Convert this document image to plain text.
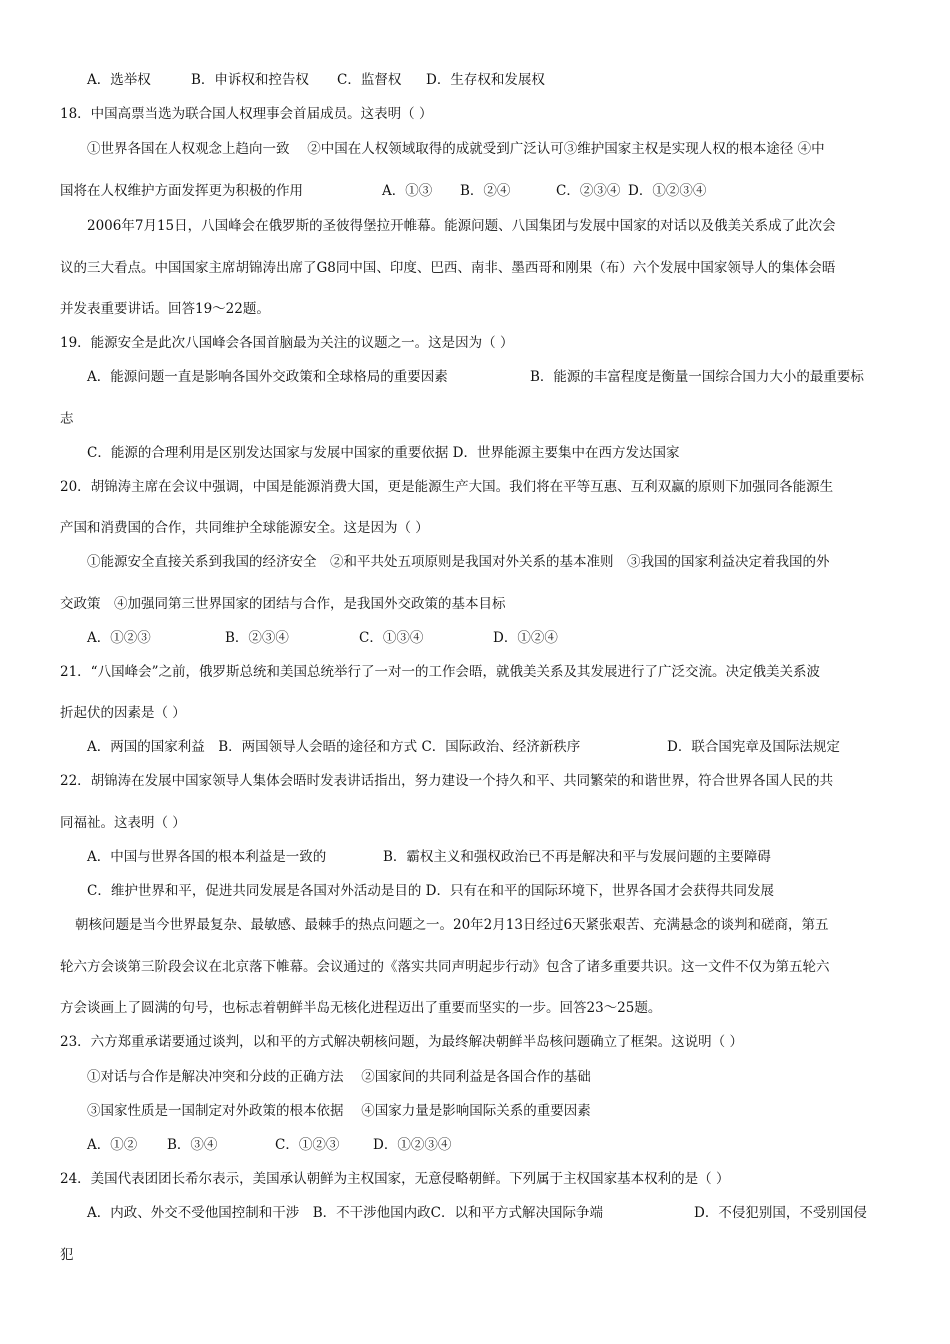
A．选举权	B．申诉权和控告权 C．监督权 D．生存权和发展权
18．中国高票当选为联合国人权理事会首届成员。这表明（ ）
①世界各国在人权观念上趋向一致　 ②中国在人权领域取得的成就受到广泛认可③维护国家主权是实现人权的根本途径 ④中
国将在人权维护方面发挥更为积极的作用	A．①③ B．②④	C．②③④ D．①②③④
2006年7月15日，八国峰会在俄罗斯的圣彼得堡拉开帷幕。能源问题、八国集团与发展中国家的对话以及俄美关系成了此次会
议的三大看点。中国国家主席胡锦涛出席了G8同中国、印度、巴西、南非、墨西哥和刚果（布）六个发展中国家领导人的集体会晤
并发表重要讲话。回答19～22题。
19．能源安全是此次八国峰会各国首脑最为关注的议题之一。这是因为（ ）
A．能源问题一直是影响各国外交政策和全球格局的重要因素	B．能源的丰富程度是衡量一国综合国力大小的最重要标
志
C．能源的合理利用是区别发达国家与发展中国家的重要依据 D．世界能源主要集中在西方发达国家
20．胡锦涛主席在会议中强调，中国是能源消费大国，更是能源生产大国。我们将在平等互惠、互利双赢的原则下加强同各能源生
产国和消费国的合作，共同维护全球能源安全。这是因为（ ）
①能源安全直接关系到我国的经济安全　②和平共处五项原则是我国对外关系的基本准则　③我国的国家利益决定着我国的外
交政策　④加强同第三世界国家的团结与合作，是我国外交政策的基本目标
A．①②③	B．②③④	C．①③④	D．①②④
21．“八国峰会”之前，俄罗斯总统和美国总统举行了一对一的工作会晤，就俄美关系及其发展进行了广泛交流。决定俄美关系波
折起伏的因素是（ ）
A．两国的国家利益　B．两国领导人会晤的途径和方式 C．国际政治、经济新秩序	D．联合国宪章及国际法规定
22．胡锦涛在发展中国家领导人集体会晤时发表讲话指出，努力建设一个持久和平、共同繁荣的和谐世界，符合世界各国人民的共
同福祉。这表明（ ）
A．中国与世界各国的根本利益是一致的	B．霸权主义和强权政治已不再是解决和平与发展问题的主要障碍
C．维护世界和平，促进共同发展是各国对外活动是目的 D．只有在和平的国际环境下，世界各国才会获得共同发展
朝核问题是当今世界最复杂、最敏感、最棘手的热点问题之一。20年2月13日经过6天紧张艰苦、充满悬念的谈判和磋商，第五
轮六方会谈第三阶段会议在北京落下帷幕。会议通过的《落实共同声明起步行动》包含了诸多重要共识。这一文件不仅为第五轮六
方会谈画上了圆满的句号，也标志着朝鲜半岛无核化进程迈出了重要而坚实的一步。回答23～25题。
23．六方郑重承诺要通过谈判，以和平的方式解决朝核问题，为最终解决朝鲜半岛核问题确立了框架。这说明（ ）
①对话与合作是解决冲突和分歧的正确方法　 ②国家间的共同利益是各国合作的基础
③国家性质是一国制定对外政策的根本依据　 ④国家力量是影响国际关系的重要因素
A．①② B．③④	C．①②③ D．①②③④
24．美国代表团团长希尔表示，美国承认朝鲜为主权国家，无意侵略朝鲜。下列属于主权国家基本权利的是（ ）
A．内政、外交不受他国控制和干涉　B．不干涉他国内政C．以和平方式解决国际争端	D．不侵犯别国，不受别国侵
犯
